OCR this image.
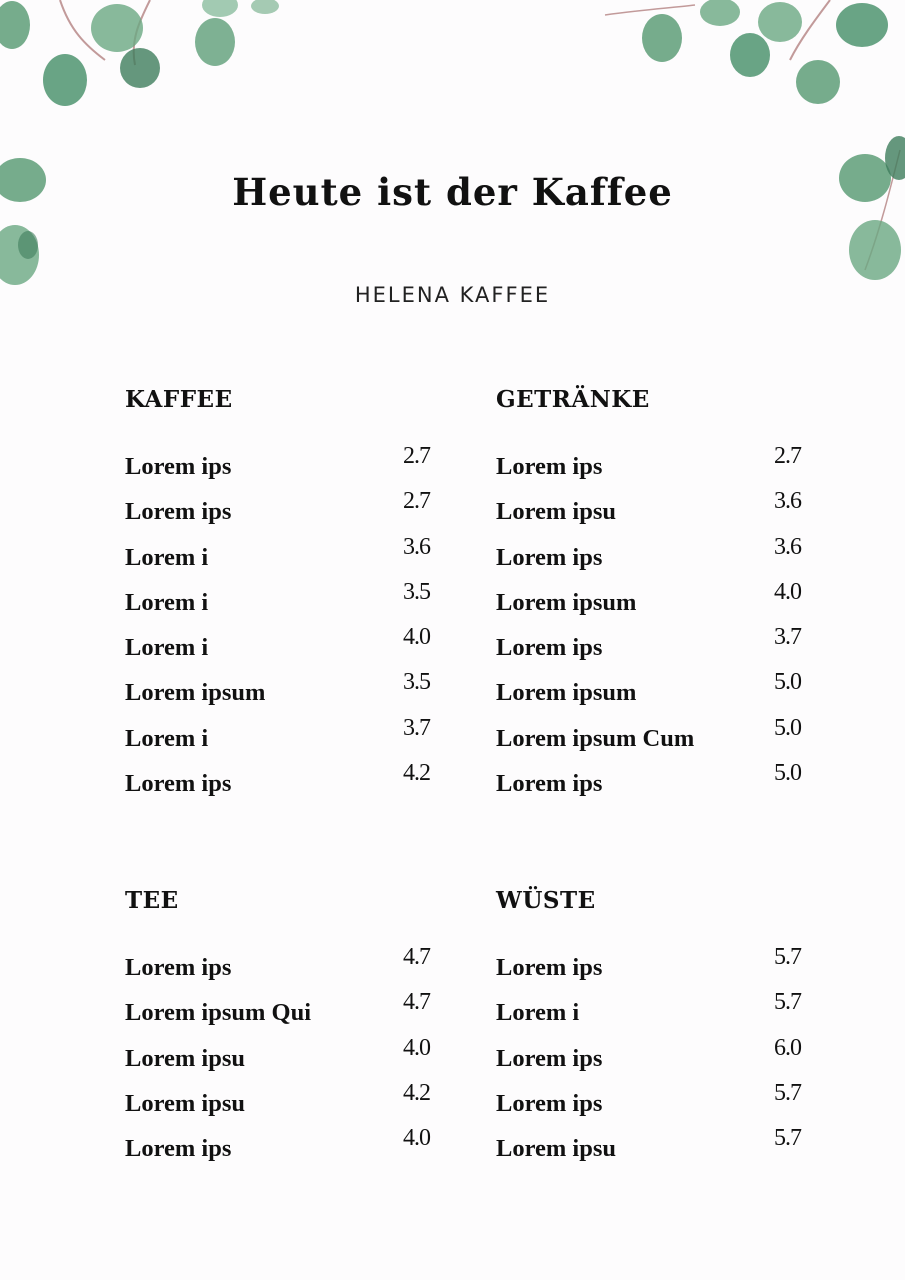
Heute ist der Kaffee
HELENA KAFFEE
KAFFEE
Lorem ips	2.7
Lorem ips	2.7
Lorem i	3.6
Lorem i	3.5
Lorem i	4.0
Lorem ipsum	3.5
Lorem i	3.7
Lorem ips	4.2
GETRÄNKE
Lorem ips	2.7
Lorem ipsu	3.6
Lorem ips	3.6
Lorem ipsum	4.0
Lorem ips	3.7
Lorem ipsum	5.0
Lorem ipsum Cum	5.0
Lorem ips	5.0
TEE
Lorem ips	4.7
Lorem ipsum Qui	4.7
Lorem ipsu	4.0
Lorem ipsu	4.2
Lorem ips	4.0
WÜSTE
Lorem ips	5.7
Lorem i	5.7
Lorem ips	6.0
Lorem ips	5.7
Lorem ipsu	5.7
